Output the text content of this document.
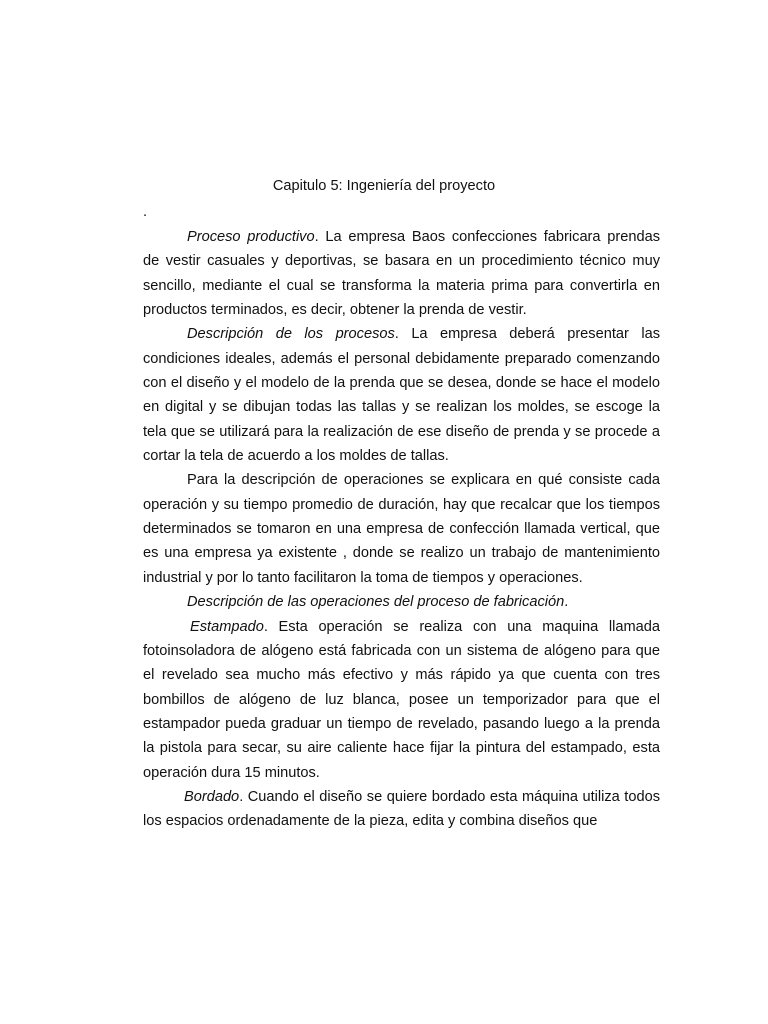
Capitulo 5: Ingeniería del proyecto

.

Proceso productivo. La empresa Baos confecciones fabricara prendas de vestir casuales y deportivas, se basara en un procedimiento técnico muy sencillo, mediante el cual se transforma la materia prima para convertirla en productos terminados, es decir, obtener la prenda de vestir.

Descripción de los procesos. La empresa deberá presentar las condiciones ideales, además el personal debidamente preparado comenzando con el diseño y el modelo de la prenda que se desea, donde se hace el modelo en digital y se dibujan todas las tallas y se realizan los moldes, se escoge la tela que se utilizará para la realización de ese diseño de prenda y se procede a cortar la tela de acuerdo a los moldes de tallas.

Para la descripción de operaciones se explicara en qué consiste cada operación y su tiempo promedio de duración, hay que recalcar que los tiempos determinados se tomaron en una empresa de confección llamada vertical, que es una empresa ya existente , donde se realizo un trabajo de mantenimiento industrial y por lo tanto facilitaron la toma de tiempos y operaciones.

Descripción de las operaciones del proceso de fabricación.

Estampado. Esta operación se realiza con una maquina llamada fotoinsoladora de alógeno está fabricada con un sistema de alógeno para que el revelado sea mucho más efectivo y más rápido ya que cuenta con tres bombillos de alógeno de luz blanca, posee un temporizador para que el estampador pueda graduar un tiempo de revelado, pasando luego a la prenda la pistola para secar, su aire caliente hace fijar la pintura del estampado, esta operación dura 15 minutos.

Bordado. Cuando el diseño se quiere bordado esta máquina utiliza todos los espacios ordenadamente de la pieza, edita y combina diseños que
